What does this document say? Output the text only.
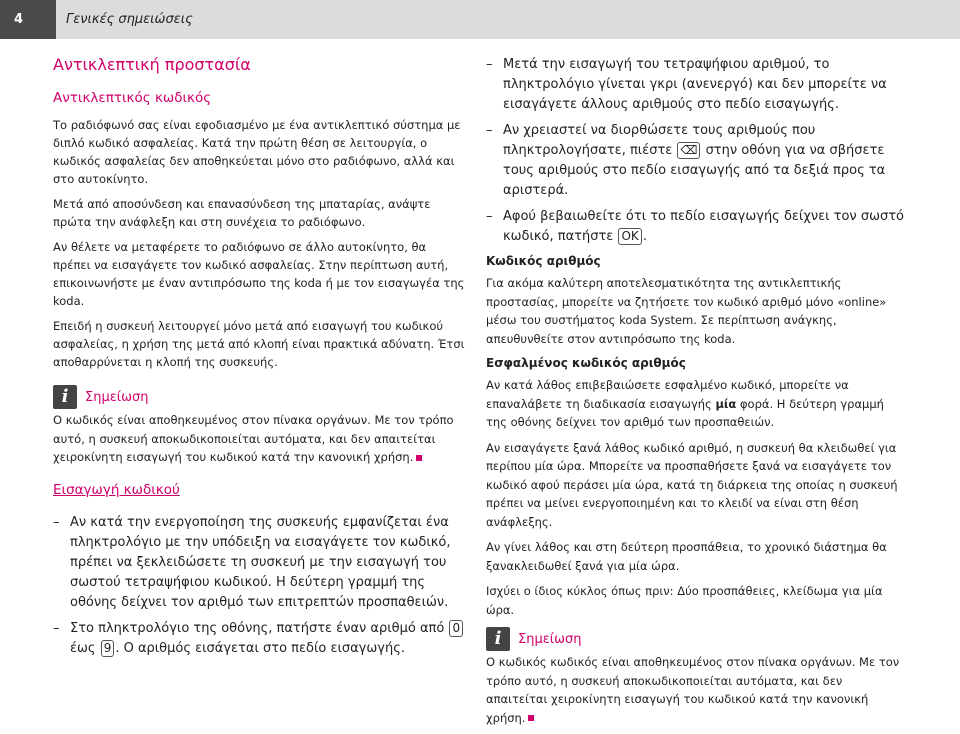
4	Γενικές σημειώσεις
Αντικλεπτική προστασία
Αντικλεπτικός κωδικός

Το ραδιόφωνό σας είναι εφοδιασμένο με ένα αντικλεπτικό σύστημα με διπλό κωδικό ασφαλείας. Κατά την πρώτη θέση σε λειτουργία, ο κωδικός ασφαλείας δεν αποθηκεύεται μόνο στο ραδιόφωνο, αλλά και στο αυτοκίνητο.

Μετά από αποσύνδεση και επανασύνδεση της μπαταρίας, ανάψτε πρώτα την ανάφλεξη και στη συνέχεια το ραδιόφωνο.

Αν θέλετε να μεταφέρετε το ραδιόφωνο σε άλλο αυτοκίνητο, θα πρέπει να εισαγάγετε τον κωδικό ασφαλείας. Στην περίπτωση αυτή, επικοινωνήστε με έναν αντιπρόσωπο της koda ή με τον εισαγωγέα της koda.

Επειδή η συσκευή λειτουργεί μόνο μετά από εισαγωγή του κωδικού ασφαλείας, η χρήση της μετά από κλοπή είναι πρακτικά αδύνατη. Έτσι αποθαρρύνεται η κλοπή της συσκευής.

i	Σημείωση

Ο κωδικός είναι αποθηκευμένος στον πίνακα οργάνων. Με τον τρόπο αυτό, η συσκευή αποκωδικοποιείται αυτόματα, και δεν απαιτείται χειροκίνητη εισαγωγή του κωδικού κατά την κανονική χρήση.

Εισαγωγή κωδικού
– Αν κατά την ενεργοποίηση της συσκευής εμφανίζεται ένα πληκτρολόγιο με την υπόδειξη να εισαγάγετε τον κωδικό, πρέπει να ξεκλειδώσετε τη συσκευή με την εισαγωγή του σωστού τετραψήφιου κωδικού. Η δεύτερη γραμμή της οθόνης δείχνει τον αριθμό των επιτρεπτών προσπαθειών.
– Στο πληκτρολόγιο της οθόνης, πατήστε έναν αριθμό από 0 έως 9 . Ο αριθμός εισάγεται στο πεδίο εισαγωγής.
– Μετά την εισαγωγή του τετραψήφιου αριθμού, το πληκτρολόγιο γίνεται γκρι (ανενεργό) και δεν μπορείτε να εισαγάγετε άλλους αριθμούς στο πεδίο εισαγωγής.
– Αν χρειαστεί να διορθώσετε τους αριθμούς που πληκτρολογήσατε, πιέστε ⌫ στην οθόνη για να σβήσετε τους αριθμούς στο πεδίο εισαγωγής από τα δεξιά προς τα αριστερά.
– Αφού βεβαιωθείτε ότι το πεδίο εισαγωγής δείχνει τον σωστό κωδικό, πατήστε OK .
Κωδικός αριθμός

Για ακόμα καλύτερη αποτελεσματικότητα της αντικλεπτικής προστασίας, μπορείτε να ζητήσετε τον κωδικό αριθμό μόνο «online» μέσω του συστήματος koda System. Σε περίπτωση ανάγκης, απευθυνθείτε στον αντιπρόσωπο της koda.

Εσφαλμένος κωδικός αριθμός

Αν κατά λάθος επιβεβαιώσετε εσφαλμένο κωδικό, μπορείτε να επαναλάβετε τη διαδικασία εισαγωγής μία φορά. Η δεύτερη γραμμή της οθόνης δείχνει τον αριθμό των προσπαθειών.

Αν εισαγάγετε ξανά λάθος κωδικό αριθμό, η συσκευή θα κλειδωθεί για περίπου μία ώρα. Μπορείτε να προσπαθήσετε ξανά να εισαγάγετε τον κωδικό αφού περάσει μία ώρα, κατά τη διάρκεια της οποίας η συσκευή πρέπει να μείνει ενεργοποιημένη και το κλειδί να είναι στη θέση ανάφλεξης.

Αν γίνει λάθος και στη δεύτερη προσπάθεια, το χρονικό διάστημα θα ξανακλειδωθεί ξανά για μία ώρα.

Ισχύει ο ίδιος κύκλος όπως πριν: Δύο προσπάθειες, κλείδωμα για μία ώρα.

i	Σημείωση

Ο κωδικός κωδικός είναι αποθηκευμένος στον πίνακα οργάνων. Με τον τρόπο αυτό, η συσκευή αποκωδικοποιείται αυτόματα, και δεν απαιτείται χειροκίνητη εισαγωγή του κωδικού κατά την κανονική χρήση.
